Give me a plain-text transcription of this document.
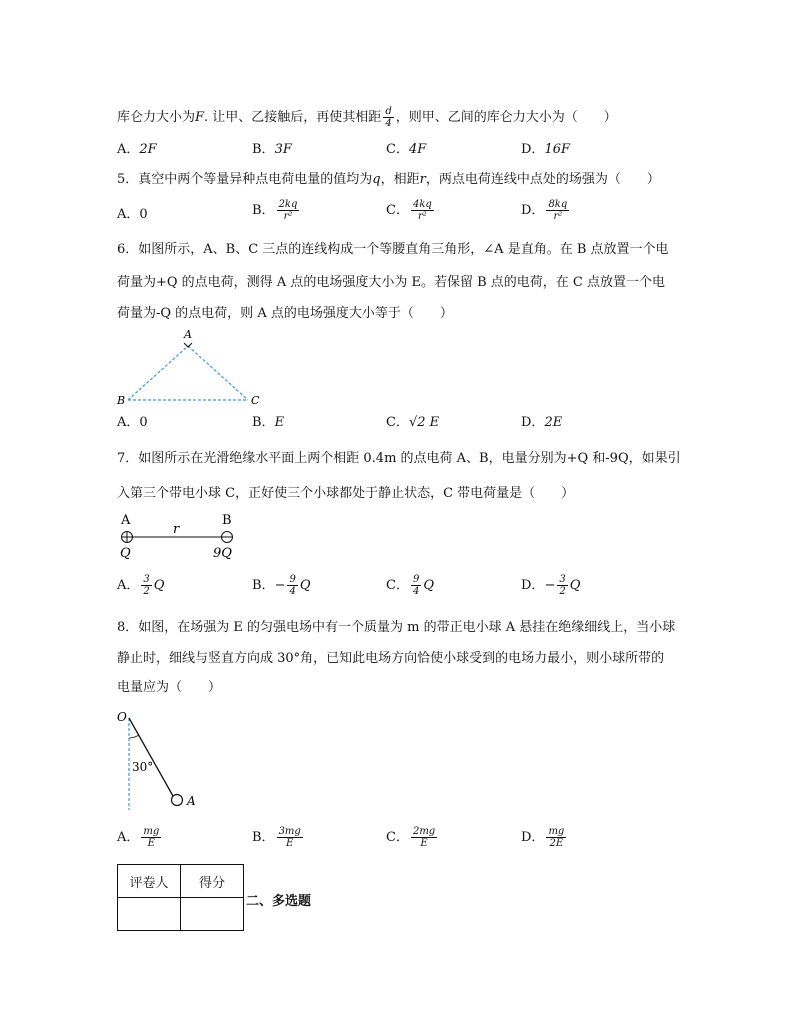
库仑力大小为F. 让甲、乙接触后，再使其相距 $\frac{d}{4}$ ，则甲、乙间的库仑力大小为（　　）
A．2F	B．3F	C．4F	D．16F
5．真空中两个等量异种点电荷电量的值均为q，相距r，两点电荷连线中点处的场强为（　　）
A．0	B． $\frac{2kq}{\text{r²}}$	C． $\frac{4kq}{\text{r²}}$	D． $\frac{8kq}{\text{r²}}$
6．如图所示，A、B、C 三点的连线构成一个等腰直角三角形，∠A 是直角。在 B 点放置一个电
荷量为+Q 的点电荷，测得 A 点的电场强度大小为 E。若保留 B 点的电荷，在 C 点放置一个电
荷量为-Q 的点电荷，则 A 点的电场强度大小等于（　　）
A
B	C
A．0	B．E	C．√2 E	D．2E
7．如图所示在光滑绝缘水平面上两个相距 0.4m 的点电荷 A、B，电量分别为+Q 和-9Q，如果引
入第三个带电小球 C，正好使三个小球都处于静止状态，C 带电荷量是（　　）
A	B
r
Q	9Q
A． $\frac{3}{2}$ Q	B．− $\frac{9}{4}$ Q	C． $\frac{9}{4}$ Q	D．− $\frac{3}{2}$ Q
8．如图，在场强为 E 的匀强电场中有一个质量为 m 的带正电小球 A 悬挂在绝缘细线上，当小球
静止时，细线与竖直方向成 30°角，已知此电场方向恰使小球受到的电场力最小，则小球所带的
电量应为（　　）
O
30°
A
A． $\frac{mg}{E}$	B． $\frac{3mg}{E}$	C． $\frac{2mg}{E}$	D． $\frac{mg}{2E}$
评卷人	得分

二、多选题
